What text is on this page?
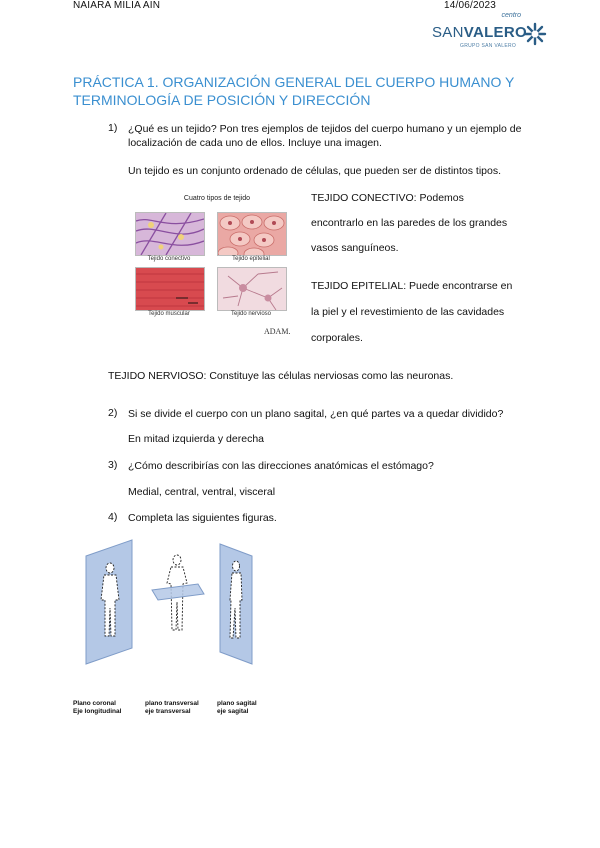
NAIARA MILIA AIN	14/06/2023
centro
SANVALERO
GRUPO SAN VALERO
PRÁCTICA 1. ORGANIZACIÓN GENERAL DEL CUERPO HUMANO Y TERMINOLOGÍA DE POSICIÓN Y DIRECCIÓN
1) ¿Qué es un tejido? Pon tres ejemplos de tejidos del cuerpo humano y un ejemplo de localización de cada uno de ellos. Incluye una imagen.
Un tejido es un conjunto ordenado de células, que pueden ser de distintos tipos.
Cuatro tipos de tejido
Tejido conectivo	Tejido epitelial
Tejido muscular	Tejido nervioso
ADAM.
TEJIDO CONECTIVO: Podemos
encontrarlo en las paredes de los grandes
vasos sanguíneos.
TEJIDO EPITELIAL: Puede encontrarse en
la piel y el revestimiento de las cavidades
corporales.
TEJIDO NERVIOSO: Constituye las células nerviosas como las neuronas.
2) Si se divide el cuerpo con un plano sagital, ¿en qué partes va a quedar dividido?
En mitad izquierda y derecha
3) ¿Cómo describirías con las direcciones anatómicas el estómago?
Medial, central, ventral, visceral
4) Completa las siguientes figuras.
Plano coronal
Eje longitudinal
plano transversal
eje transversal
plano sagital
eje sagital
